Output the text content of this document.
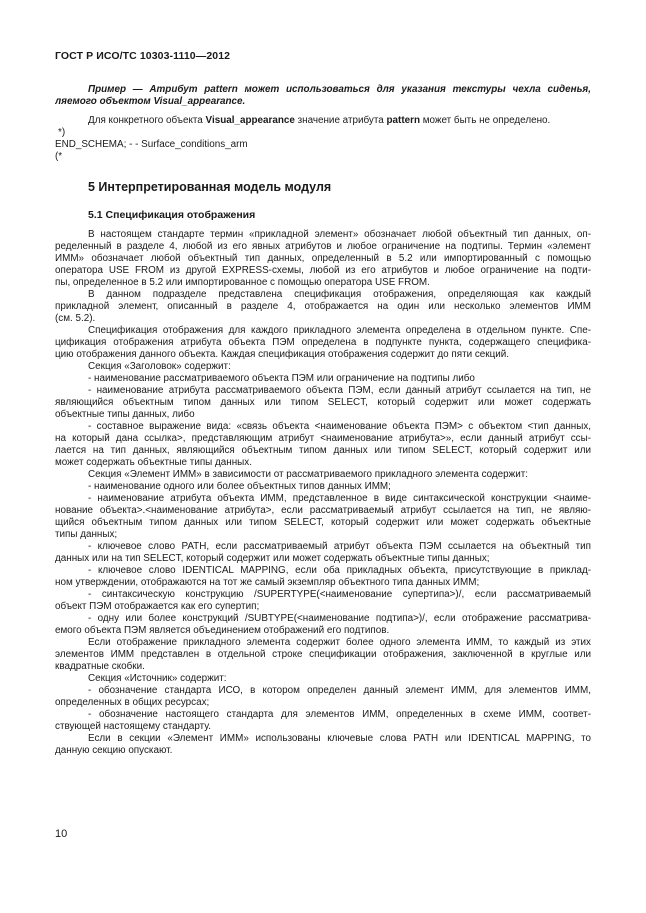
ГОСТ Р ИСО/ТС 10303-1110—2012
Пример — Атрибут pattern может использоваться для указания текстуры чехла сиденья,
ляемого объектом Visual_appearance.
Для конкретного объекта Visual_appearance значение атрибута pattern может быть не определено.
*)
END_SCHEMA; - - Surface_conditions_arm
(*
5 Интерпретированная модель модуля
5.1 Спецификация отображения
В настоящем стандарте термин «прикладной элемент» обозначает любой объектный тип данных, оп-
ределенный в разделе 4, любой из его явных атрибутов и любое ограничение на подтипы. Термин «элемент
ИММ» обозначает любой объектный тип данных, определенный в 5.2 или импортированный с помощью
оператора USE FROM из другой EXPRESS-схемы, любой из его атрибутов и любое ограничение на подти-
пы, определенное в 5.2 или импортированное с помощью оператора USE FROM.
В данном подразделе представлена спецификация отображения, определяющая как каждый
прикладной элемент, описанный в разделе 4, отображается на один или несколько элементов ИММ
(см. 5.2).
Спецификация отображения для каждого прикладного элемента определена в отдельном пункте. Спе-
цификация отображения атрибута объекта ПЭМ определена в подпункте пункта, содержащего специфика-
цию отображения данного объекта. Каждая спецификация отображения содержит до пяти секций.
Секция «Заголовок» содержит:
- наименование рассматриваемого объекта ПЭМ или ограничение на подтипы либо
- наименование атрибута рассматриваемого объекта ПЭМ, если данный атрибут ссылается на тип, не
являющийся объектным типом данных или типом SELECT, который содержит или может содержать
объектные типы данных, либо
- составное выражение вида: «связь объекта <наименование объекта ПЭМ> с объектом <тип данных,
на который дана ссылка>, представляющим атрибут <наименование атрибута>», если данный атрибут ссы-
лается на тип данных, являющийся объектным типом данных или типом SELECT, который содержит или
может содержать объектные типы данных.
Секция «Элемент ИММ» в зависимости от рассматриваемого прикладного элемента содержит:
- наименование одного или более объектных типов данных ИММ;
- наименование атрибута объекта ИММ, представленное в виде синтаксической конструкции <наиме-
нование объекта>.<наименование атрибута>, если рассматриваемый атрибут ссылается на тип, не являю-
щийся объектным типом данных или типом SELECT, который содержит или может содержать объектные
типы данных;
- ключевое слово PATH, если рассматриваемый атрибут объекта ПЭМ ссылается на объектный тип
данных или на тип SELECT, который содержит или может содержать объектные типы данных;
- ключевое слово IDENTICAL MAPPING, если оба прикладных объекта, присутствующие в приклад-
ном утверждении, отображаются на тот же самый экземпляр объектного типа данных ИММ;
- синтаксическую конструкцию /SUPERTYPE(<наименование супертипа>)/, если рассматриваемый
объект ПЭМ отображается как его супертип;
- одну или более конструкций /SUBTYPE(<наименование подтипа>)/, если отображение рассматрива-
емого объекта ПЭМ является объединением отображений его подтипов.
Если отображение прикладного элемента содержит более одного элемента ИММ, то каждый из этих
элементов ИММ представлен в отдельной строке спецификации отображения, заключенной в круглые или
квадратные скобки.
Секция «Источник» содержит:
- обозначение стандарта ИСО, в котором определен данный элемент ИММ, для элементов ИММ,
определенных в общих ресурсах;
- обозначение настоящего стандарта для элементов ИММ, определенных в схеме ИММ, соответ-
ствующей настоящему стандарту.
Если в секции «Элемент ИММ» использованы ключевые слова PATH или IDENTICAL MAPPING, то
данную секцию опускают.
10
